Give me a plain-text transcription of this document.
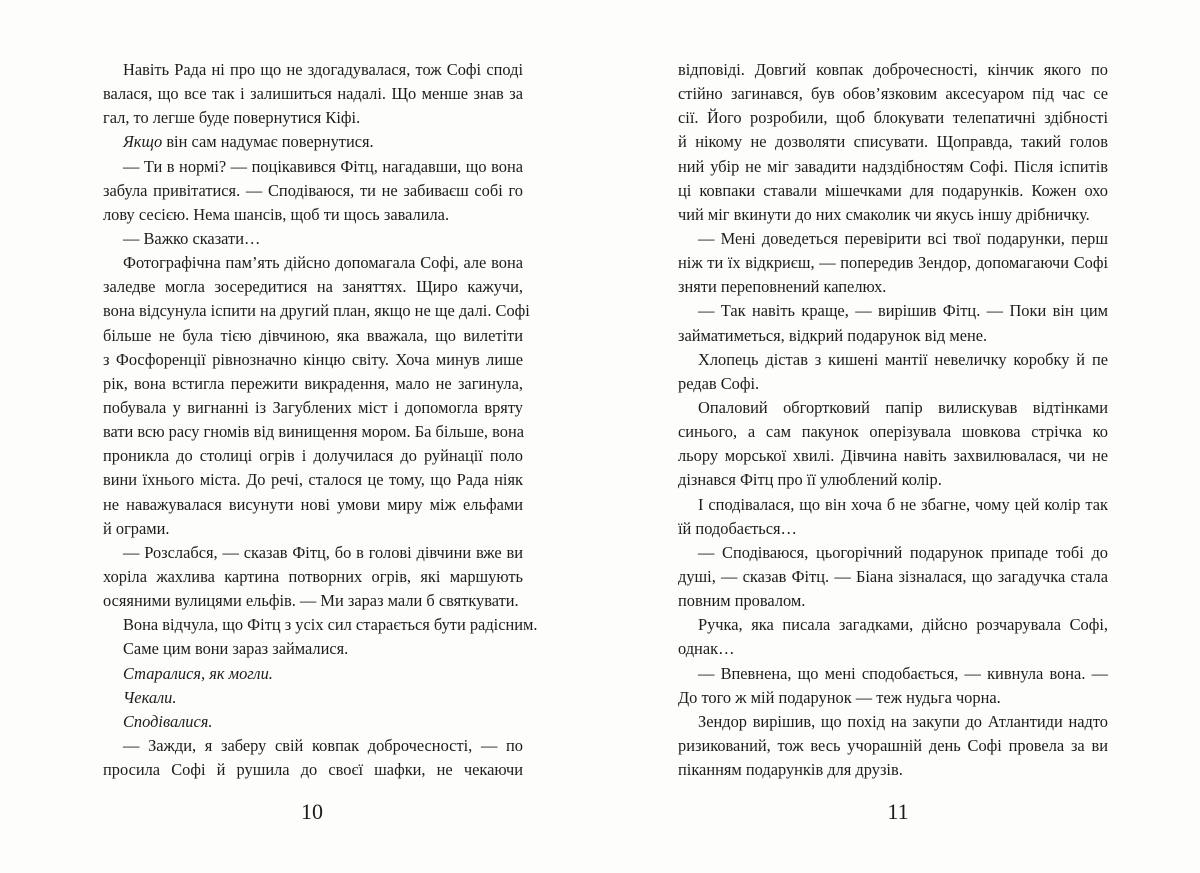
Навіть Рада ні про що не здогадувалася, тож Софі споді
валася, що все так і залишиться надалі. Що менше знав за
гал, то легше буде повернутися Кіфі.
Якщо він сам надумає повернутися.
— Ти в нормі? — поцікавився Фітц, нагадавши, що вона
забула привітатися. — Сподіваюся, ти не забиваєш собі го
лову сесією. Нема шансів, щоб ти щось завалила.
— Важко сказати…
Фотографічна пам’ять дійсно допомагала Софі, але вона
заледве могла зосередитися на заняттях. Щиро кажучи,
вона відсунула іспити на другий план, якщо не ще далі. Софі
більше не була тією дівчиною, яка вважала, що вилетіти
з Фосфоренції рівнозначно кінцю світу. Хоча минув лише
рік, вона встигла пережити викрадення, мало не загинула,
побувала у вигнанні із Загублених міст і допомогла вряту
вати всю расу гномів від винищення мором. Ба більше, вона
проникла до столиці огрів і долучилася до руйнації поло
вини їхнього міста. До речі, сталося це тому, що Рада ніяк
не наважувалася висунути нові умови миру між ельфами
й ограми.
— Розслабся, — сказав Фітц, бо в голові дівчини вже ви
хоріла жахлива картина потворних огрів, які маршують
осяяними вулицями ельфів. — Ми зараз мали б святкувати.
Вона відчула, що Фітц з усіх сил старається бути радісним.
Саме цим вони зараз займалися.
Старалися, як могли.
Чекали.
Сподівалися.
— Зажди, я заберу свій ковпак доброчесності, — по
просила Софі й рушила до своєї шафки, не чекаючи
відповіді. Довгий ковпак доброчесності, кінчик якого по
стійно загинався, був обов’язковим аксесуаром під час се
сії. Його розробили, щоб блокувати телепатичні здібності
й нікому не дозволяти списувати. Щоправда, такий голов
ний убір не міг завадити надздібностям Софі. Після іспитів
ці ковпаки ставали мішечками для подарунків. Кожен охо
чий міг вкинути до них смаколик чи якусь іншу дрібничку.
— Мені доведеться перевірити всі твої подарунки, перш
ніж ти їх відкриєш, — попередив Зендор, допомагаючи Софі
зняти переповнений капелюх.
— Так навіть краще, — вирішив Фітц. — Поки він цим
займатиметься, відкрий подарунок від мене.
Хлопець дістав з кишені мантії невеличку коробку й пе
редав Софі.
Опаловий обгортковий папір вилискував відтінками
синього, а сам пакунок оперізувала шовкова стрічка ко
льору морської хвилі. Дівчина навіть захвилювалася, чи не
дізнався Фітц про її улюблений колір.
І сподівалася, що він хоча б не збагне, чому цей колір так
їй подобається…
— Сподіваюся, цьогорічний подарунок припаде тобі до
душі, — сказав Фітц. — Біана зізналася, що загадучка стала
повним провалом.
Ручка, яка писала загадками, дійсно розчарувала Софі,
однак…
— Впевнена, що мені сподобається, — кивнула вона. —
До того ж мій подарунок — теж нудьга чорна.
Зендор вирішив, що похід на закупи до Атлантиди надто
ризикований, тож весь учорашній день Софі провела за ви
піканням подарунків для друзів.
10	11
